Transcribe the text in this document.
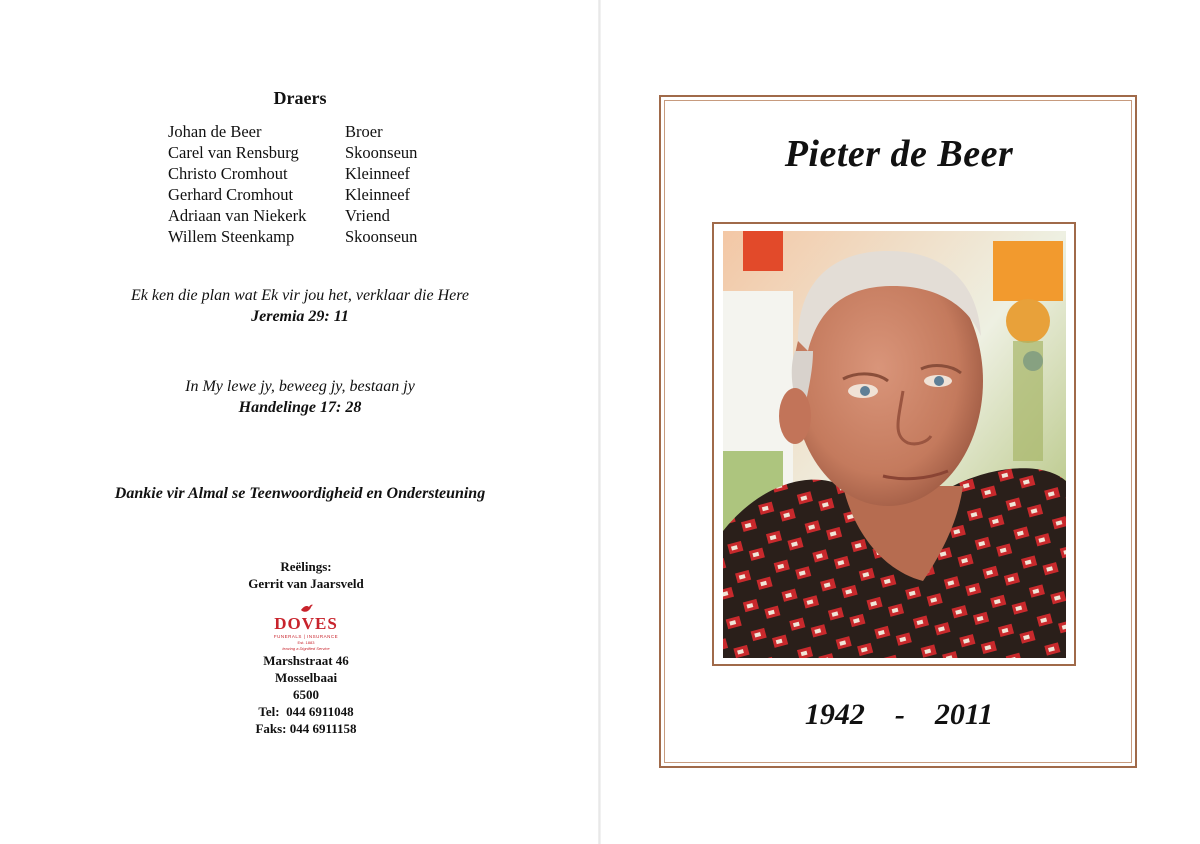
Draers
Johan de Beer	Broer
Carel van Rensburg	Skoonseun
Christo Cromhout	Kleinneef
Gerhard Cromhout	Kleinneef
Adriaan van Niekerk	Vriend
Willem Steenkamp	Skoonseun
Ek ken die plan wat Ek vir jou het, verklaar die Here
Jeremia 29: 11
In My lewe jy, beweeg jy, bestaan jy
Handelinge 17: 28
Dankie vir Almal se Teenwoordigheid en Ondersteuning
Reëlings:
Gerrit van Jaarsveld
DOVES
FUNERALS | INSURANCE
Est. 1883
leaving a Dignified Service
Marshstraat 46
Mosselbaai
6500
Tel:  044 6911048
Faks: 044 6911158
Pieter de Beer
1942 - 2011
